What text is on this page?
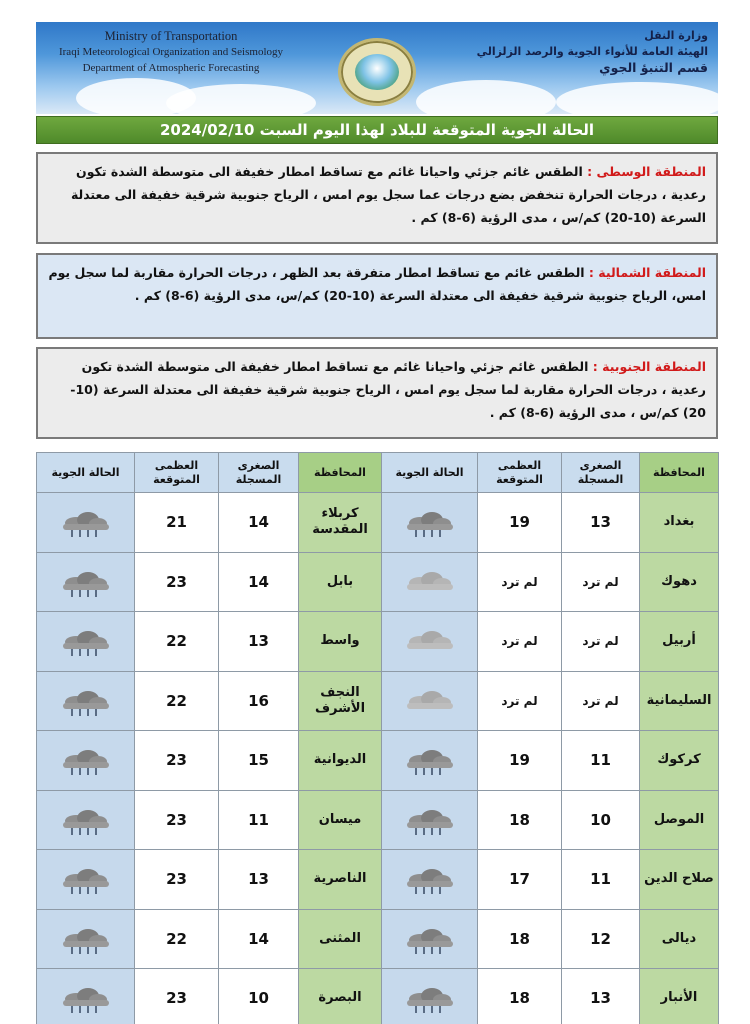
Ministry of Transportation
Iraqi Meteorological Organization and Seismology
Department of Atmospheric Forecasting
وزارة النقل
الهيئة العامة للأنواء الجوية والرصد الزلزالي
قسم التنبؤ الجوي
الحالة الجوية المتوقعة للبلاد لهذا اليوم السبت 2024/02/10
المنطقة الوسطى : الطقس غائم جزئي واحيانا غائم مع تساقط امطار خفيفة الى متوسطة الشدة تكون رعدية ، درجات الحرارة تنخفض بضع درجات عما سجل يوم امس ، الرياح جنوبية شرقية خفيفة الى معتدلة السرعة (10-20) كم/س ، مدى الرؤية (6-8) كم .
المنطقة الشمالية : الطقس غائم مع تساقط امطار متفرقة بعد الظهر ، درجات الحرارة مقاربة لما سجل يوم امس، الرياح جنوبية شرقية خفيفة الى معتدلة السرعة (10-20) كم/س، مدى الرؤية (6-8) كم .
المنطقة الجنوبية : الطقس غائم جزئي واحيانا غائم مع تساقط امطار خفيفة الى متوسطة الشدة تكون رعدية ، درجات الحرارة مقاربة لما سجل يوم امس ، الرياح جنوبية شرقية خفيفة الى معتدلة السرعة (10-20) كم/س ، مدى الرؤية (6-8) كم .
المحافظة	الصغرى المسجلة	العظمى المتوقعة	الحالة الجوية	المحافظة	الصغرى المسجلة	العظمى المتوقعة	الحالة الجوية
بغداد	13	19		كربلاء المقدسة	14	21	

دهوك	لم ترد	لم ترد		بابل	14	23	

أربيل	لم ترد	لم ترد		واسط	13	22	

السليمانية	لم ترد	لم ترد		النجف الأشرف	16	22	

كركوك	11	19		الديوانية	15	23	

الموصل	10	18		ميسان	11	23	

صلاح الدين	11	17		الناصرية	13	23	

ديالى	12	18		المثنى	14	22	

الأنبار	13	18		البصرة	10	23	
